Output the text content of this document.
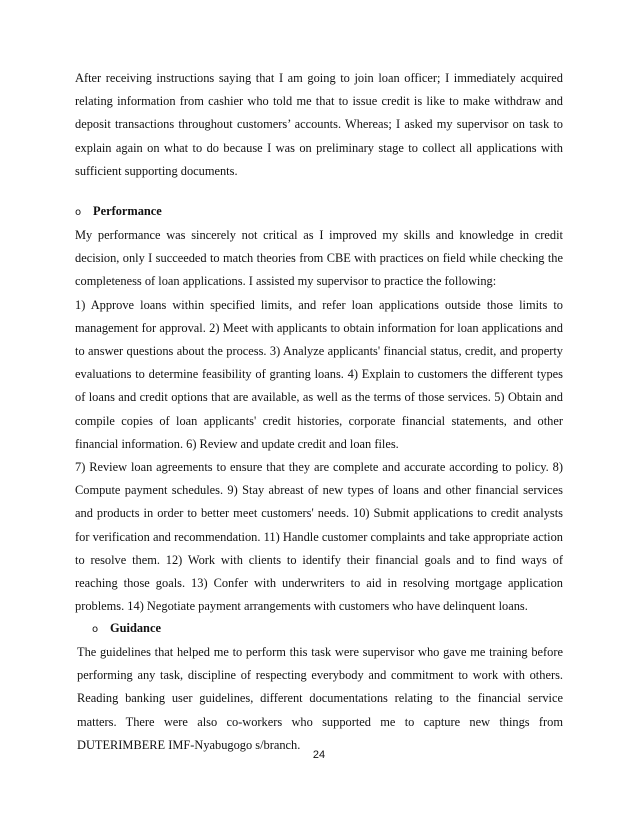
After receiving instructions saying that I am going to join loan officer; I immediately acquired relating information from cashier who told me that to issue credit is like to make withdraw and deposit transactions throughout customers’ accounts. Whereas; I asked my supervisor on task to explain again on what to do because I was on preliminary stage to collect all applications with sufficient supporting documents.

o Performance

My performance was sincerely not critical as I improved my skills and knowledge in credit decision, only I succeeded to match theories from CBE with practices on field while checking the completeness of loan applications. I assisted my supervisor to practice the following:

1) Approve loans within specified limits, and refer loan applications outside those limits to management for approval. 2) Meet with applicants to obtain information for loan applications and to answer questions about the process. 3) Analyze applicants' financial status, credit, and property evaluations to determine feasibility of granting loans. 4) Explain to customers the different types of loans and credit options that are available, as well as the terms of those services. 5) Obtain and compile copies of loan applicants' credit histories, corporate financial statements, and other financial information. 6) Review and update credit and loan files.

7) Review loan agreements to ensure that they are complete and accurate according to policy. 8) Compute payment schedules. 9) Stay abreast of new types of loans and other financial services and products in order to better meet customers' needs. 10) Submit applications to credit analysts for verification and recommendation. 11) Handle customer complaints and take appropriate action to resolve them. 12) Work with clients to identify their financial goals and to find ways of reaching those goals. 13) Confer with underwriters to aid in resolving mortgage application problems. 14) Negotiate payment arrangements with customers who have delinquent loans.

o Guidance

The guidelines that helped me to perform this task were supervisor who gave me training before performing any task, discipline of respecting everybody and commitment to work with others. Reading banking user guidelines, different documentations relating to the financial service matters. There were also co-workers who supported me to capture new things from DUTERIMBERE IMF-Nyabugogo s/branch.

24
